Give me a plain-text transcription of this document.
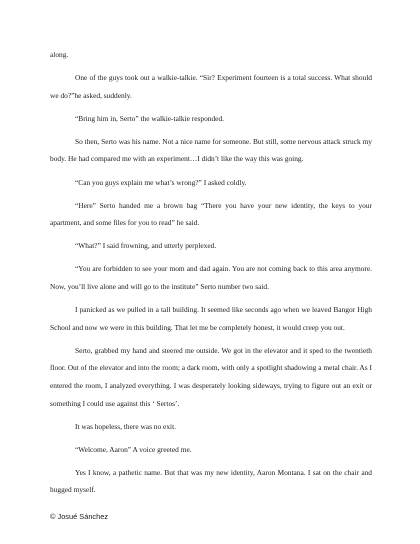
along.

One of the guys took out a walkie-talkie. “Sir? Experiment fourteen is a total success. What should we do?”he asked, suddenly.

“Bring him in, Serto” the walkie-talkie responded.

So then, Serto was his name. Not a nice name for someone. But still, some nervous attack struck my body. He had compared me with an experiment…I didn’t like the way this was going.

“Can you guys explain me what’s wrong?” I asked coldly.

“Here” Serto handed me a brown bag “There you have your new identity, the keys to your apartment, and some files for you to read” he said.

“What?” I said frowning, and utterly perplexed.

“You are forbidden to see your mom and dad again. You are not coming back to this area anymore. Now, you’ll live alone and will go to the institute” Serto number two said.

I panicked as we pulled in a tall building. It seemed like seconds ago when we leaved Bangor High School and now we were in this building. That let me be completely honest, it would creep you out.

Serto, grabbed my hand and steered me outside. We got in the elevator and it sped to the twentieth floor. Out of the elevator and into the room; a dark room, with only a spotlight shadowing a metal chair. As I entered the room, I analyzed everything. I was desperately looking sideways, trying to figure out an exit or something I could use against this ‘ Sertos’.

It was hopeless, there was no exit.

“Welcome, Aaron” A voice greeted me.

Yes I know, a pathetic name. But that was my new identity, Aaron Montana. I sat on the chair and hugged myself.

© Josué Sánchez
